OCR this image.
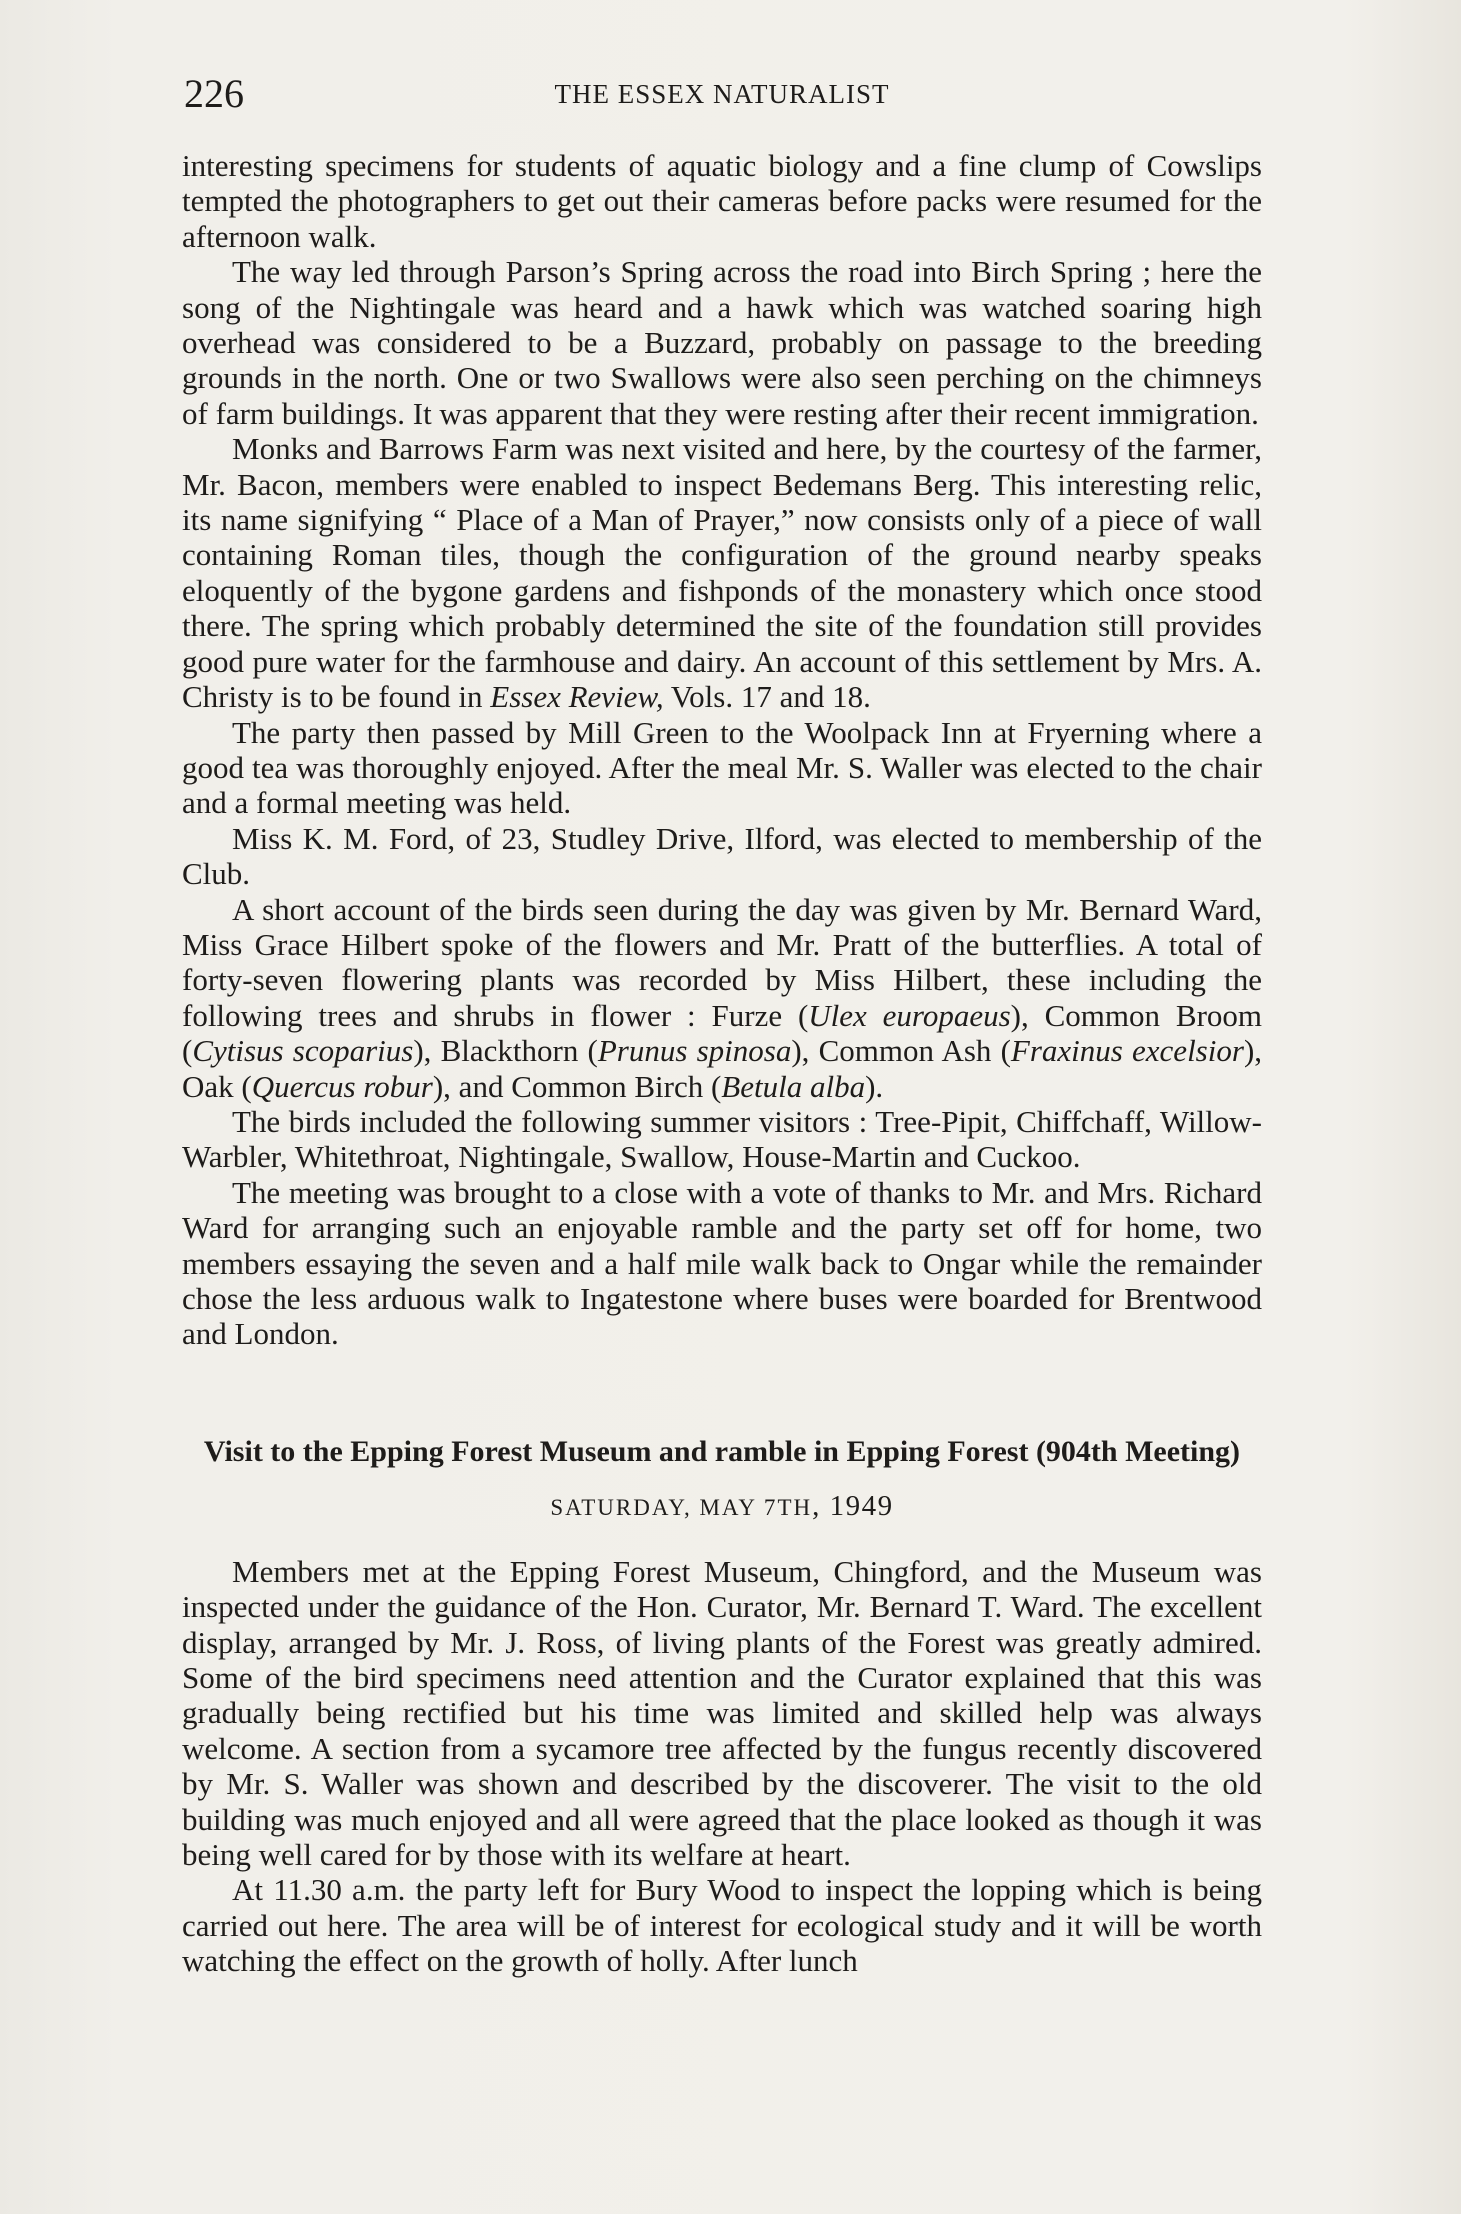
226	THE ESSEX NATURALIST

interesting specimens for students of aquatic biology and a fine clump of Cowslips tempted the photographers to get out their cameras before packs were resumed for the afternoon walk.

The way led through Parson’s Spring across the road into Birch Spring ; here the song of the Nightingale was heard and a hawk which was watched soaring high overhead was considered to be a Buzzard, probably on passage to the breeding grounds in the north. One or two Swallows were also seen perching on the chimneys of farm buildings. It was apparent that they were resting after their recent immigration.

Monks and Barrows Farm was next visited and here, by the courtesy of the farmer, Mr. Bacon, members were enabled to inspect Bedemans Berg. This interesting relic, its name signifying “ Place of a Man of Prayer,” now consists only of a piece of wall containing Roman tiles, though the configuration of the ground nearby speaks eloquently of the bygone gardens and fishponds of the monastery which once stood there. The spring which probably determined the site of the foundation still provides good pure water for the farmhouse and dairy. An account of this settlement by Mrs. A. Christy is to be found in Essex Review, Vols. 17 and 18.

The party then passed by Mill Green to the Woolpack Inn at Fryerning where a good tea was thoroughly enjoyed. After the meal Mr. S. Waller was elected to the chair and a formal meeting was held.

Miss K. M. Ford, of 23, Studley Drive, Ilford, was elected to membership of the Club.

A short account of the birds seen during the day was given by Mr. Bernard Ward, Miss Grace Hilbert spoke of the flowers and Mr. Pratt of the butterflies. A total of forty-seven flowering plants was recorded by Miss Hilbert, these including the following trees and shrubs in flower : Furze (Ulex europaeus), Common Broom (Cytisus scoparius), Blackthorn (Prunus spinosa), Common Ash (Fraxinus excelsior), Oak (Quercus robur), and Common Birch (Betula alba).

The birds included the following summer visitors : Tree-Pipit, Chiffchaff, Willow-Warbler, Whitethroat, Nightingale, Swallow, House-Martin and Cuckoo.

The meeting was brought to a close with a vote of thanks to Mr. and Mrs. Richard Ward for arranging such an enjoyable ramble and the party set off for home, two members essaying the seven and a half mile walk back to Ongar while the remainder chose the less arduous walk to Ingatestone where buses were boarded for Brentwood and London.

Visit to the Epping Forest Museum and ramble in Epping Forest (904th Meeting)
SATURDAY, MAY 7TH, 1949

Members met at the Epping Forest Museum, Chingford, and the Museum was inspected under the guidance of the Hon. Curator, Mr. Bernard T. Ward. The excellent display, arranged by Mr. J. Ross, of living plants of the Forest was greatly admired. Some of the bird specimens need attention and the Curator explained that this was gradually being rectified but his time was limited and skilled help was always welcome. A section from a sycamore tree affected by the fungus recently discovered by Mr. S. Waller was shown and described by the discoverer. The visit to the old building was much enjoyed and all were agreed that the place looked as though it was being well cared for by those with its welfare at heart.

At 11.30 a.m. the party left for Bury Wood to inspect the lopping which is being carried out here. The area will be of interest for ecological study and it will be worth watching the effect on the growth of holly. After lunch
